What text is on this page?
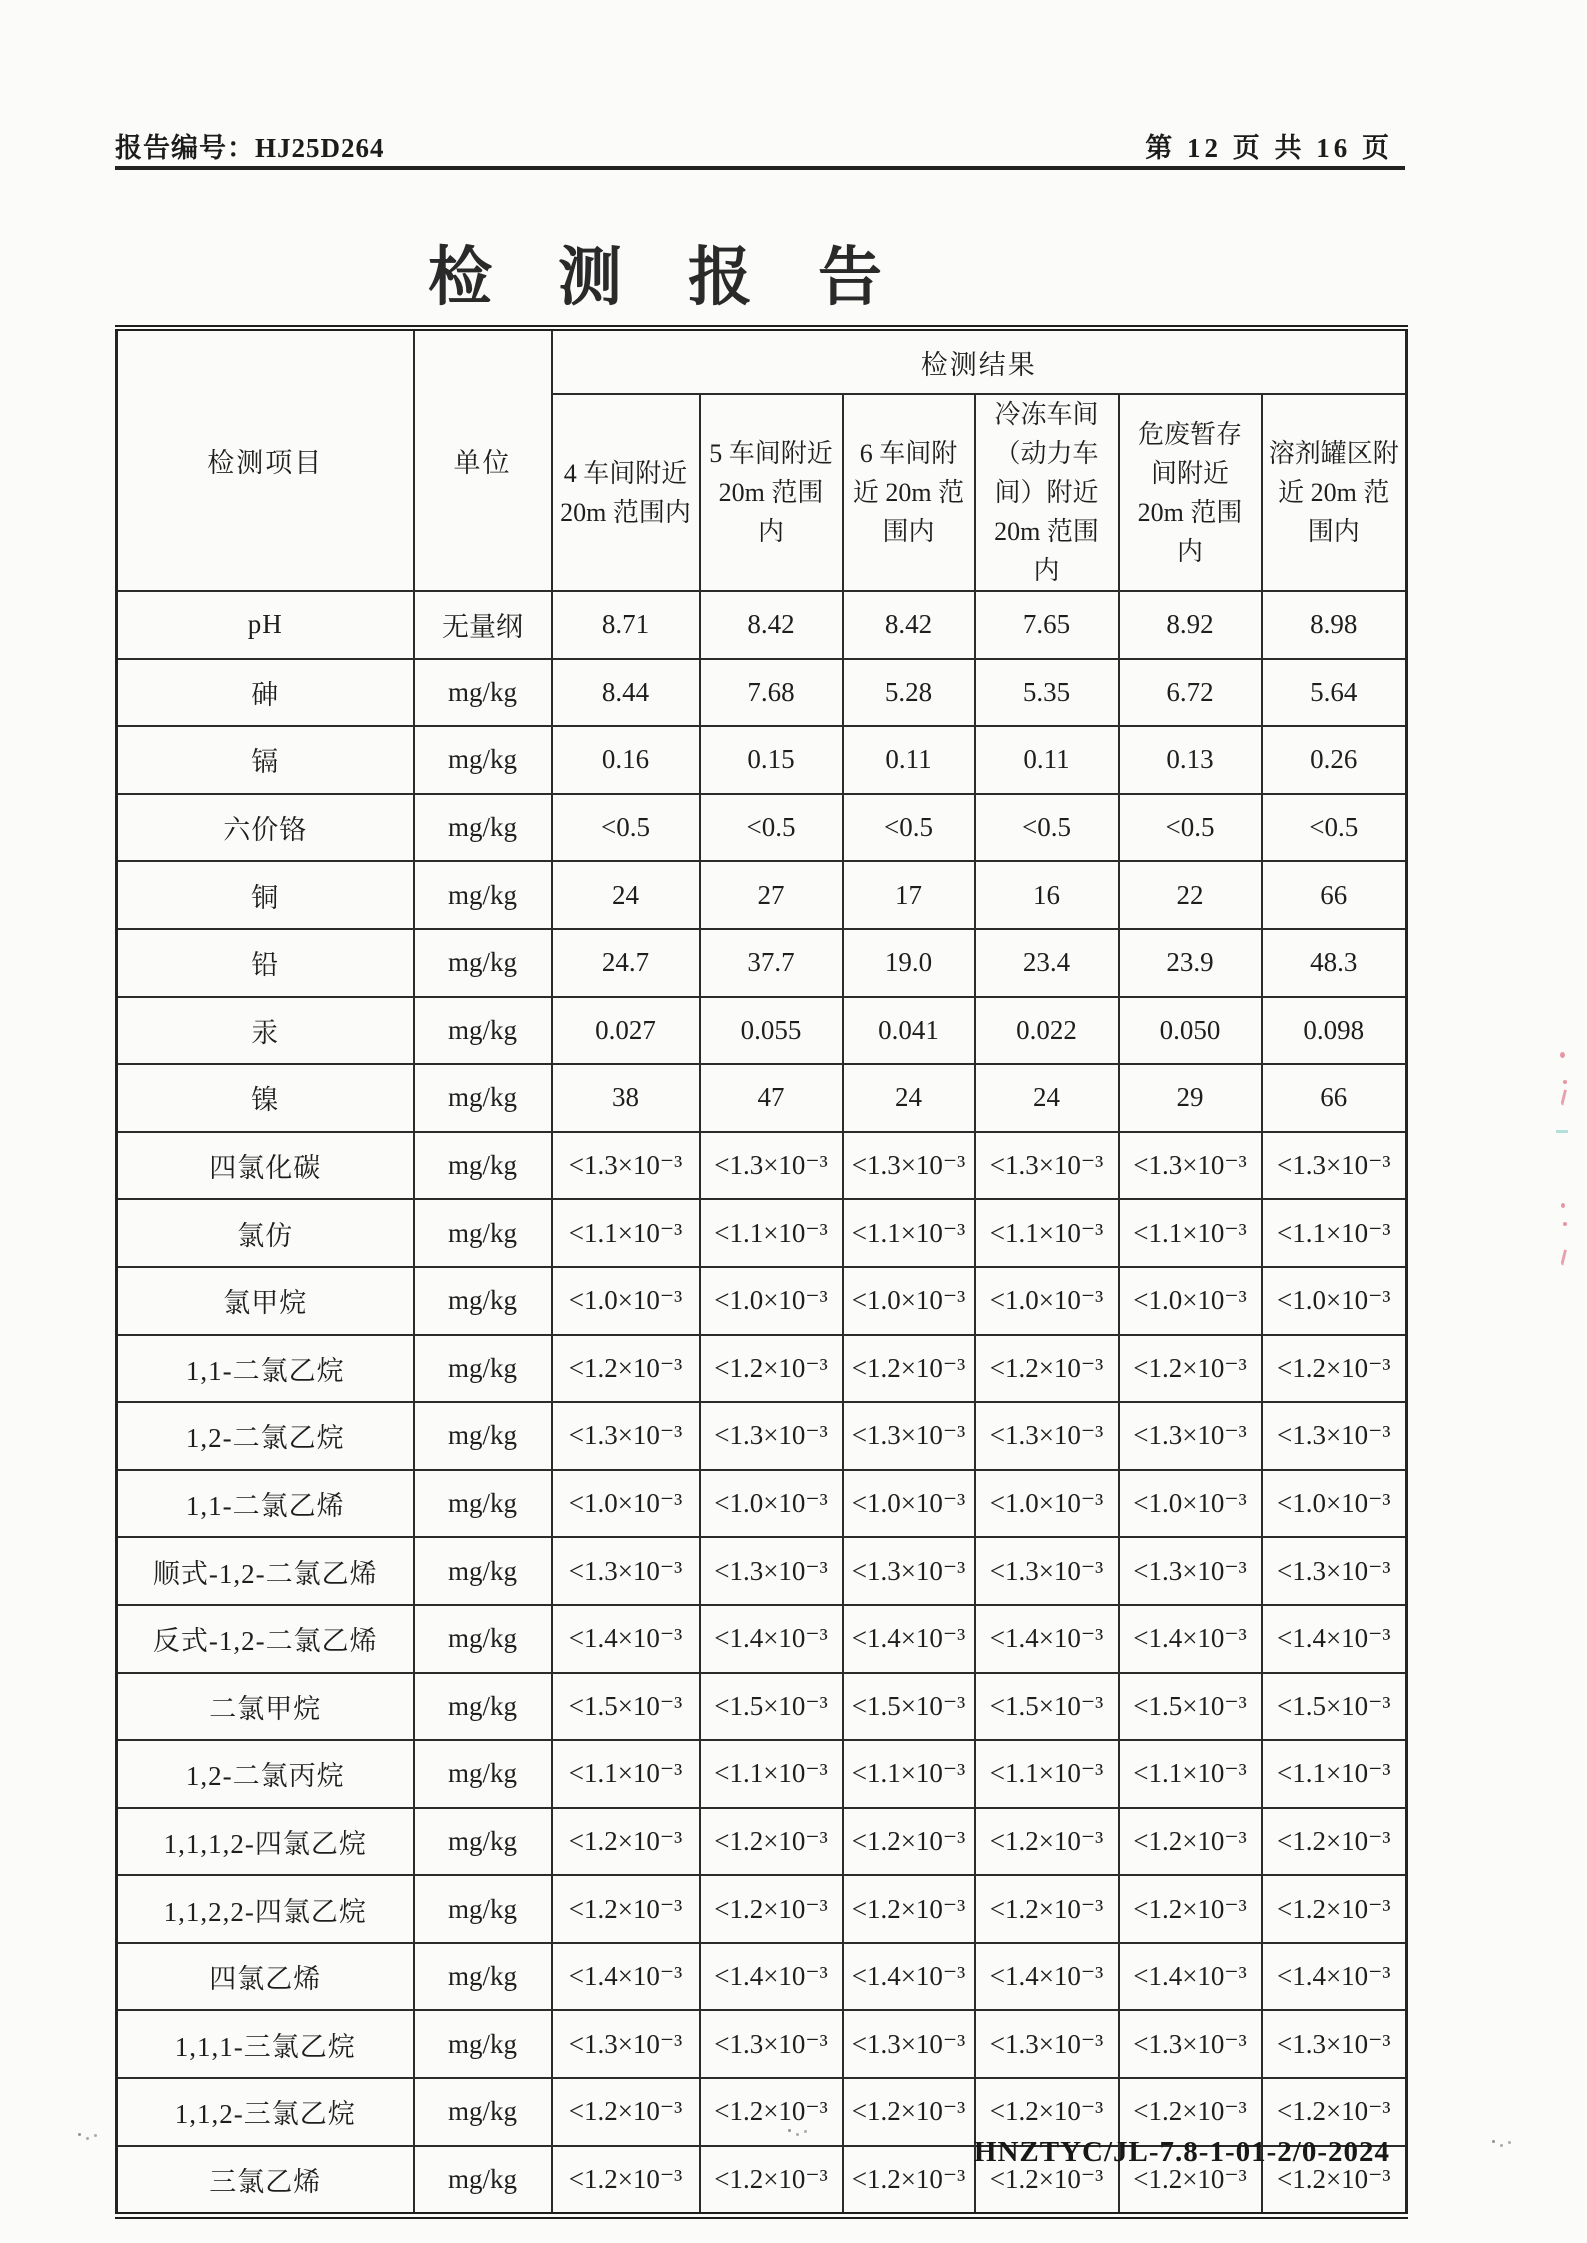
报告编号：HJ25D264	第 12 页 共 16 页
检 测 报 告
检测项目	单位	检测结果					
		4 车间附近 20m 范围内	5 车间附近 20m 范围内	6 车间附近 20m 范围内	冷冻车间（动力车间）附近 20m 范围内	危废暂存间附近 20m 范围内	溶剂罐区附近 20m 范围内
pH	无量纲	8.71	8.42	8.42	7.65	8.92	8.98
砷	mg/kg	8.44	7.68	5.28	5.35	6.72	5.64
镉	mg/kg	0.16	0.15	0.11	0.11	0.13	0.26
六价铬	mg/kg	<0.5	<0.5	<0.5	<0.5	<0.5	<0.5
铜	mg/kg	24	27	17	16	22	66
铅	mg/kg	24.7	37.7	19.0	23.4	23.9	48.3
汞	mg/kg	0.027	0.055	0.041	0.022	0.050	0.098
镍	mg/kg	38	47	24	24	29	66
四氯化碳	mg/kg	<1.3×10⁻³	<1.3×10⁻³	<1.3×10⁻³	<1.3×10⁻³	<1.3×10⁻³	<1.3×10⁻³
氯仿	mg/kg	<1.1×10⁻³	<1.1×10⁻³	<1.1×10⁻³	<1.1×10⁻³	<1.1×10⁻³	<1.1×10⁻³
氯甲烷	mg/kg	<1.0×10⁻³	<1.0×10⁻³	<1.0×10⁻³	<1.0×10⁻³	<1.0×10⁻³	<1.0×10⁻³
1,1-二氯乙烷	mg/kg	<1.2×10⁻³	<1.2×10⁻³	<1.2×10⁻³	<1.2×10⁻³	<1.2×10⁻³	<1.2×10⁻³
1,2-二氯乙烷	mg/kg	<1.3×10⁻³	<1.3×10⁻³	<1.3×10⁻³	<1.3×10⁻³	<1.3×10⁻³	<1.3×10⁻³
1,1-二氯乙烯	mg/kg	<1.0×10⁻³	<1.0×10⁻³	<1.0×10⁻³	<1.0×10⁻³	<1.0×10⁻³	<1.0×10⁻³
顺式-1,2-二氯乙烯	mg/kg	<1.3×10⁻³	<1.3×10⁻³	<1.3×10⁻³	<1.3×10⁻³	<1.3×10⁻³	<1.3×10⁻³
反式-1,2-二氯乙烯	mg/kg	<1.4×10⁻³	<1.4×10⁻³	<1.4×10⁻³	<1.4×10⁻³	<1.4×10⁻³	<1.4×10⁻³
二氯甲烷	mg/kg	<1.5×10⁻³	<1.5×10⁻³	<1.5×10⁻³	<1.5×10⁻³	<1.5×10⁻³	<1.5×10⁻³
1,2-二氯丙烷	mg/kg	<1.1×10⁻³	<1.1×10⁻³	<1.1×10⁻³	<1.1×10⁻³	<1.1×10⁻³	<1.1×10⁻³
1,1,1,2-四氯乙烷	mg/kg	<1.2×10⁻³	<1.2×10⁻³	<1.2×10⁻³	<1.2×10⁻³	<1.2×10⁻³	<1.2×10⁻³
1,1,2,2-四氯乙烷	mg/kg	<1.2×10⁻³	<1.2×10⁻³	<1.2×10⁻³	<1.2×10⁻³	<1.2×10⁻³	<1.2×10⁻³
四氯乙烯	mg/kg	<1.4×10⁻³	<1.4×10⁻³	<1.4×10⁻³	<1.4×10⁻³	<1.4×10⁻³	<1.4×10⁻³
1,1,1-三氯乙烷	mg/kg	<1.3×10⁻³	<1.3×10⁻³	<1.3×10⁻³	<1.3×10⁻³	<1.3×10⁻³	<1.3×10⁻³
1,1,2-三氯乙烷	mg/kg	<1.2×10⁻³	<1.2×10⁻³	<1.2×10⁻³	<1.2×10⁻³	<1.2×10⁻³	<1.2×10⁻³
三氯乙烯	mg/kg	<1.2×10⁻³	<1.2×10⁻³	<1.2×10⁻³	<1.2×10⁻³	<1.2×10⁻³	<1.2×10⁻³
HNZTYC/JL-7.8-1-01-2/0-2024
